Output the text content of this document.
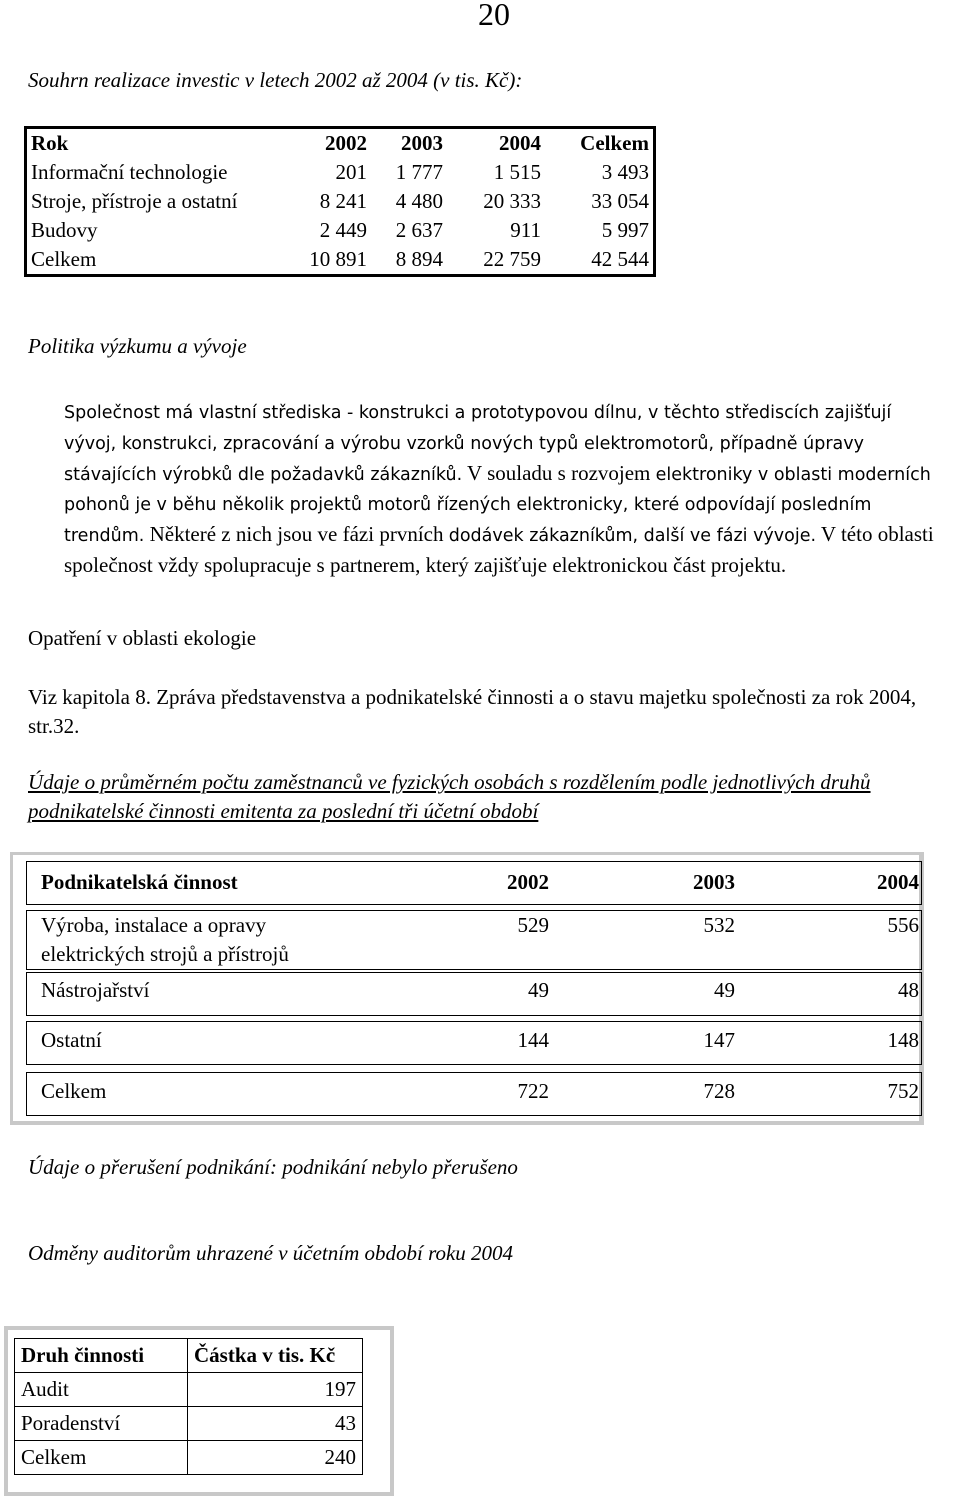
20
Souhrn realizace investic v letech 2002 až 2004 (v tis. Kč):
Rok	2002	2003	2004	Celkem
Informační technologie	201	1 777	1 515	3 493
Stroje, přístroje a ostatní	8 241	4 480	20 333	33 054
Budovy	2 449	2 637	911	5 997
Celkem	10 891	8 894	22 759	42 544
Politika výzkumu a vývoje

Společnost má vlastní střediska - konstrukci a prototypovou dílnu, v těchto střediscích zajišťují vývoj, konstrukci, zpracování a výrobu vzorků nových typů elektromotorů, případně úpravy stávajících výrobků dle požadavků zákazníků. V souladu s rozvojem elektroniky v oblasti moderních pohonů je v běhu několik projektů motorů řízených elektronicky, které odpovídají posledním trendům. Některé z nich jsou ve fázi prvních dodávek zákazníkům, další ve fázi vývoje. V této oblasti společnost vždy spolupracuje s partnerem, který zajišťuje elektronickou část projektu.

Opatření v oblasti ekologie
Viz kapitola 8. Zpráva představenstva a podnikatelské činnosti a o stavu majetku společnosti za rok 2004, str.32.
Údaje o průměrném počtu zaměstnanců ve fyzických osobách s rozdělením podle jednotlivých druhů podnikatelské činnosti emitenta za poslední tři účetní období
Podnikatelská činnost	2002	2003	2004
Výroba, instalace a opravy
elektrických strojů a přístrojů
529	532	556
Nástrojařství	49	49	48
Ostatní	144	147	148
Celkem	722	728	752
Údaje o přerušení podnikání: podnikání nebylo přerušeno
Odměny auditorům uhrazené v účetním období roku 2004
Druh činnosti	Částka v tis. Kč
Audit	197
Poradenství	43
Celkem	240
